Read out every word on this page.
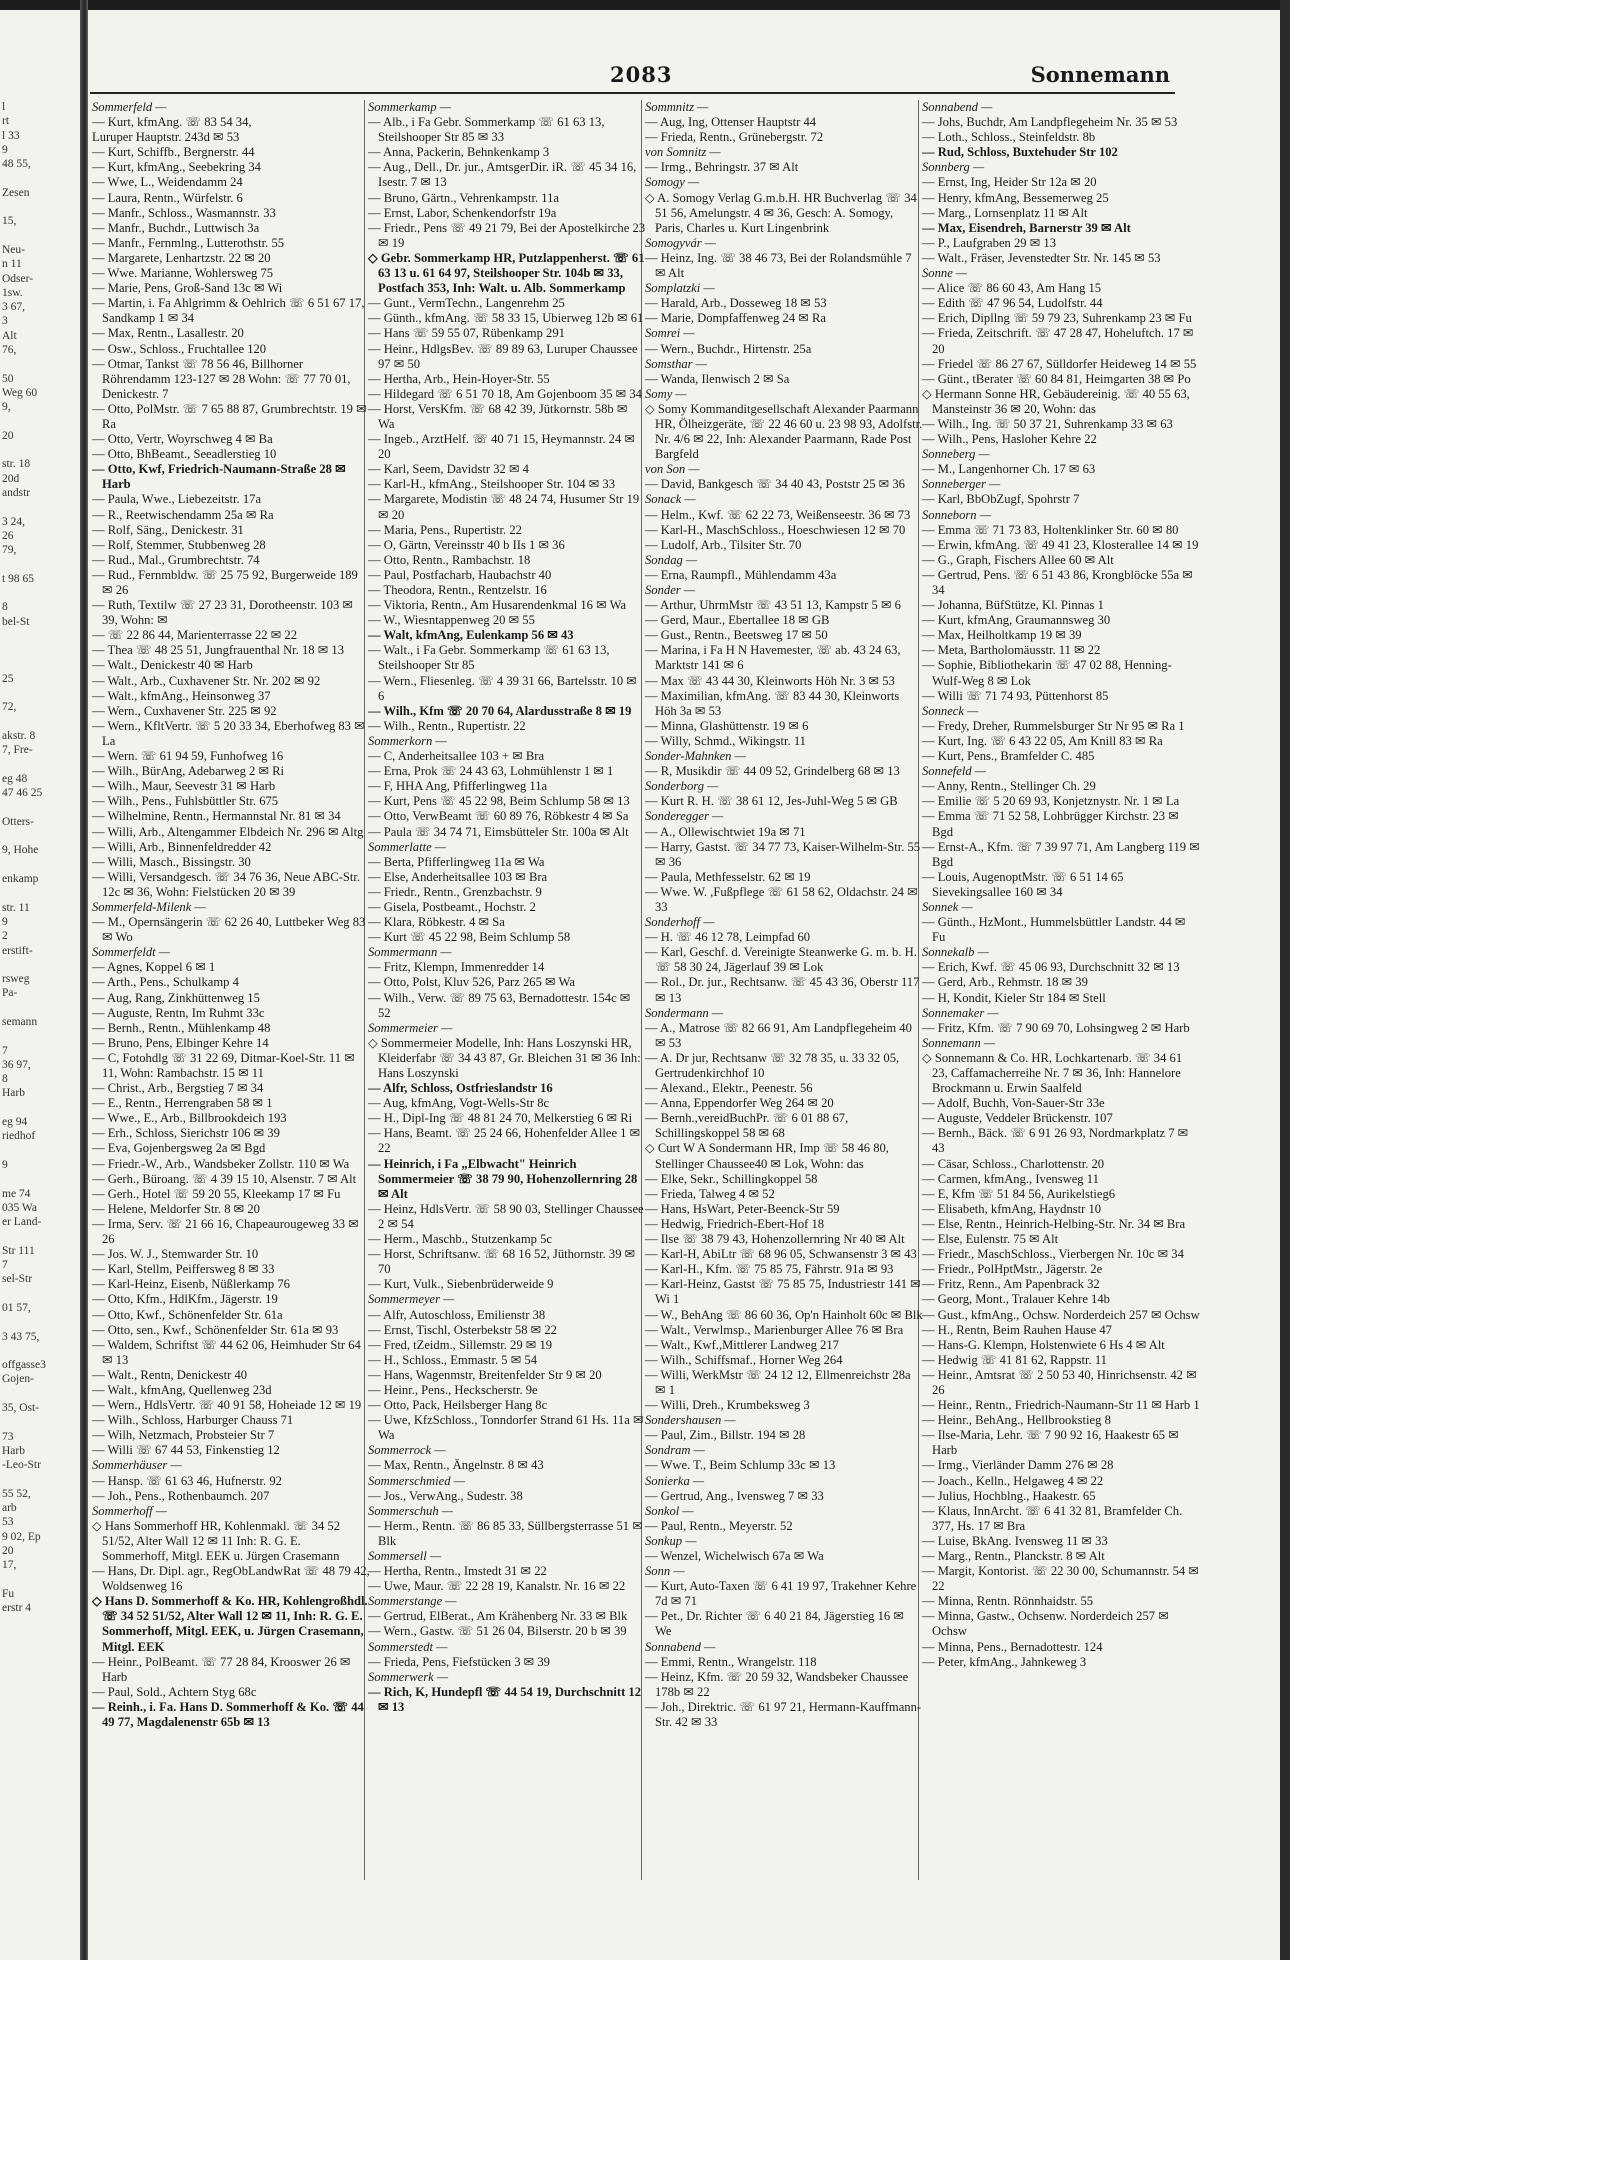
l

rt

l 33

9

48 55,

Zesen

15,

Neu-

n 11

Odser-

1sw.

3 67,

3

Alt

76,

50

Weg 60

9,

20

str. 18

20d

andstr

3 24,

26

79,

t 98 65

8

bel-St

25

72,

akstr. 8

7, Fre-

eg 48

47 46 25

Otters-

9, Hohe

enkamp

str. 11

9

2

erstift-

rsweg

Pa-

semann

7

36 97,

8

Harb

eg 94

riedhof

9

me 74

035 Wa

er Land-

Str 111

7

sel-Str

01 57,

3 43 75,

offgasse3

Gojen-

35, Ost-

73

Harb

-Leo-Str

55 52,

arb

53

9 02, Ep

20

17,

Fu

erstr 4

2083	Sonnemann

Sommerfeld —

— Kurt, kfmAng. ☏ 83 54 34,

Luruper Hauptstr. 243d ✉ 53

— Kurt, Schiffb., Bergnerstr. 44

— Kurt, kfmAng., Seebekring 34

— Wwe, L., Weidendamm 24

— Laura, Rentn., Würfelstr. 6

— Manfr., Schloss., Wasmannstr. 33

— Manfr., Buchdr., Luttwisch 3a

— Manfr., Fernmlng., Lutterothstr. 55

— Margarete, Lenhartzstr. 22 ✉ 20

— Wwe. Marianne, Wohlersweg 75

— Marie, Pens, Groß-Sand 13c ✉ Wi

— Martin, i. Fa Ahlgrimm & Oehlrich ☏ 6 51 67 17, Sandkamp 1 ✉ 34

— Max, Rentn., Lasallestr. 20

— Osw., Schloss., Fruchtallee 120

— Otmar, Tankst ☏ 78 56 46, Billhorner Röhrendamm 123-127 ✉ 28 Wohn: ☏ 77 70 01, Denickestr. 7

— Otto, PolMstr. ☏ 7 65 88 87, Grumbrechtstr. 19 ✉ Ra

— Otto, Vertr, Woyrschweg 4 ✉ Ba

— Otto, BhBeamt., Seeadlerstieg 10

— Otto, Kwf, Friedrich-Naumann-Straße 28 ✉ Harb

— Paula, Wwe., Liebezeitstr. 17a

— R., Reetwischendamm 25a ✉ Ra

— Rolf, Säng., Denickestr. 31

— Rolf, Stemmer, Stubbenweg 28

— Rud., Mal., Grumbrechtstr. 74

— Rud., Fernmbldw. ☏ 25 75 92, Burgerweide 189 ✉ 26

— Ruth, Textilw ☏ 27 23 31, Dorotheenstr. 103 ✉ 39, Wohn: ✉

— ☏ 22 86 44, Marienterrasse 22 ✉ 22

— Thea ☏ 48 25 51, Jungfrauenthal Nr. 18 ✉ 13

— Walt., Denickestr 40 ✉ Harb

— Walt., Arb., Cuxhavener Str. Nr. 202 ✉ 92

— Walt., kfmAng., Heinsonweg 37

— Wern., Cuxhavener Str. 225 ✉ 92

— Wern., KfltVertr. ☏ 5 20 33 34, Eberhofweg 83 ✉ La

— Wern. ☏ 61 94 59, Funhofweg 16

— Wilh., BürAng, Adebarweg 2 ✉ Ri

— Wilh., Maur, Seevestr 31 ✉ Harb

— Wilh., Pens., Fuhlsbüttler Str. 675

— Wilhelmine, Rentn., Hermannstal Nr. 81 ✉ 34

— Willi, Arb., Altengammer Elbdeich Nr. 296 ✉ Altg

— Willi, Arb., Binnenfeldredder 42

— Willi, Masch., Bissingstr. 30

— Willi, Versandgesch. ☏ 34 76 36, Neue ABC-Str. 12c ✉ 36, Wohn: Fielstücken 20 ✉ 39

Sommerfeld-Milenk —

— M., Opernsängerin ☏ 62 26 40, Luttbeker Weg 83 ✉ Wo

Sommerfeldt —

— Agnes, Koppel 6 ✉ 1

— Arth., Pens., Schulkamp 4

— Aug, Rang, Zinkhüttenweg 15

— Auguste, Rentn, Im Ruhmt 33c

— Bernh., Rentn., Mühlenkamp 48

— Bruno, Pens, Elbinger Kehre 14

— C, Fotohdlg ☏ 31 22 69, Ditmar-Koel-Str. 11 ✉ 11, Wohn: Rambachstr. 15 ✉ 11

— Christ., Arb., Bergstieg 7 ✉ 34

— E., Rentn., Herrengraben 58 ✉ 1

— Wwe., E., Arb., Billbrookdeich 193

— Erh., Schloss, Sierichstr 106 ✉ 39

— Eva, Gojenbergsweg 2a ✉ Bgd

— Friedr.-W., Arb., Wandsbeker Zollstr. 110 ✉ Wa

— Gerh., Büroang. ☏ 4 39 15 10, Alsenstr. 7 ✉ Alt

— Gerh., Hotel ☏ 59 20 55, Kleekamp 17 ✉ Fu

— Helene, Meldorfer Str. 8 ✉ 20

— Irma, Serv. ☏ 21 66 16, Chapeaurougeweg 33 ✉ 26

— Jos. W. J., Stemwarder Str. 10

— Karl, Stellm, Peiffersweg 8 ✉ 33

— Karl-Heinz, Eisenb, Nüßlerkamp 76

— Otto, Kfm., HdlKfm., Jägerstr. 19

— Otto, Kwf., Schönenfelder Str. 61a

— Otto, sen., Kwf., Schönenfelder Str. 61a ✉ 93

— Waldem, Schriftst ☏ 44 62 06, Heimhuder Str 64 ✉ 13

— Walt., Rentn, Denickestr 40

— Walt., kfmAng, Quellenweg 23d

— Wern., HdlsVertr. ☏ 40 91 58, Hoheiade 12 ✉ 19

— Wilh., Schloss, Harburger Chauss 71

— Wilh, Netzmach, Probsteier Str 7

— Willi ☏ 67 44 53, Finkenstieg 12

Sommerhäuser —

— Hansp. ☏ 61 63 46, Hufnerstr. 92

— Joh., Pens., Rothenbaumch. 207

Sommerhoff —

◇ Hans Sommerhoff HR, Kohlenmakl. ☏ 34 52 51/52, Alter Wall 12 ✉ 11 Inh: R. G. E. Sommerhoff, Mitgl. EEK u. Jürgen Crasemann

— Hans, Dr. Dipl. agr., RegObLandwRat ☏ 48 79 42, Woldsenweg 16

◇ Hans D. Sommerhoff & Ko. HR, Kohlengroßhdl. ☏ 34 52 51/52, Alter Wall 12 ✉ 11, Inh: R. G. E. Sommerhoff, Mitgl. EEK, u. Jürgen Crasemann, Mitgl. EEK

— Heinr., PolBeamt. ☏ 77 28 84, Krooswег 26 ✉ Harb

— Paul, Sold., Achtern Styg 68c

— Reinh., i. Fa. Hans D. Sommerhoff & Ko. ☏ 44 49 77, Magdalenenstr 65b ✉ 13

Sommerkamp —

— Alb., i Fa Gebr. Sommerkamp ☏ 61 63 13, Steilshooper Str 85 ✉ 33

— Anna, Packerin, Behnkenkamp 3

— Aug., Dell., Dr. jur., AmtsgerDir. iR. ☏ 45 34 16, Isestr. 7 ✉ 13

— Bruno, Gärtn., Vehrenkampstr. 11a

— Ernst, Labor, Schenkendorfstr 19a

— Friedr., Pens ☏ 49 21 79, Bei der Apostelkirche 23 ✉ 19

◇ Gebr. Sommerkamp HR, Putzlappenherst. ☏ 61 63 13 u. 61 64 97, Steilshooper Str. 104b ✉ 33, Postfach 353, Inh: Walt. u. Alb. Sommerkamp

— Gunt., VermTechn., Langenrehm 25

— Günth., kfmAng. ☏ 58 33 15, Ubierweg 12b ✉ 61

— Hans ☏ 59 55 07, Rübenkamp 291

— Heinr., HdlgsBev. ☏ 89 89 63, Luruper Chaussee 97 ✉ 50

— Hertha, Arb., Hein-Hoyer-Str. 55

— Hildegard ☏ 6 51 70 18, Am Gojenboom 35 ✉ 34

— Horst, VersKfm. ☏ 68 42 39, Jütkornstr. 58b ✉ Wa

— Ingeb., ArztHelf. ☏ 40 71 15, Heymannstr. 24 ✉ 20

— Karl, Seem, Davidstr 32 ✉ 4

— Karl-H., kfmAng., Steilshooper Str. 104 ✉ 33

— Margarete, Modistin ☏ 48 24 74, Husumer Str 19 ✉ 20

— Maria, Pens., Rupertistr. 22

— O, Gärtn, Vereinsstr 40 b IIs 1 ✉ 36

— Otto, Rentn., Rambachstr. 18

— Paul, Postfacharb, Haubachstr 40

— Theodora, Rentn., Rentzelstr. 16

— Viktoria, Rentn., Am Husarendenkmal 16 ✉ Wa

— W., Wiesntappenweg 20 ✉ 55

— Walt, kfmAng, Eulenkamp 56 ✉ 43

— Walt., i Fa Gebr. Sommerkamp ☏ 61 63 13, Steilshooper Str 85

— Wern., Fliesenleg. ☏ 4 39 31 66, Bartelsstr. 10 ✉ 6

— Wilh., Kfm ☏ 20 70 64, Alardusstraße 8 ✉ 19

— Wilh., Rentn., Rupertistr. 22

Sommerkorn —

— C, Anderheitsallee 103 + ✉ Bra

— Erna, Prok ☏ 24 43 63, Lohmühlenstr 1 ✉ 1

— F, HHA Ang, Pfifferlingweg 11a

— Kurt, Pens ☏ 45 22 98, Beim Schlump 58 ✉ 13

— Otto, VerwBeamt ☏ 60 89 76, Röbkestr 4 ✉ Sa

— Paula ☏ 34 74 71, Eimsbütteler Str. 100a ✉ Alt

Sommerlatte —

— Berta, Pfifferlingweg 11a ✉ Wa

— Else, Anderheitsallee 103 ✉ Bra

— Friedr., Rentn., Grenzbachstr. 9

— Gisela, Postbeamt., Hochstr. 2

— Klara, Röbkestr. 4 ✉ Sa

— Kurt ☏ 45 22 98, Beim Schlump 58

Sommermann —

— Fritz, Klempn, Immenredder 14

— Otto, Polst, Kluv 526, Parz 265 ✉ Wa

— Wilh., Verw. ☏ 89 75 63, Bernadottestr. 154c ✉ 52

Sommermeier —

◇ Sommermeier Modelle, Inh: Hans Loszynski HR, Kleiderfabr ☏ 34 43 87, Gr. Bleichen 31 ✉ 36 Inh: Hans Loszynski

— Alfr, Schloss, Ostfrieslandstr 16

— Aug, kfmAng, Vogt-Wells-Str 8c

— H., Dipl-Ing ☏ 48 81 24 70, Melkerstieg 6 ✉ Ri

— Hans, Beamt. ☏ 25 24 66, Hohenfelder Allee 1 ✉ 22

— Heinrich, i Fa „Elbwacht" Heinrich Sommermeier ☏ 38 79 90, Hohenzollernring 28 ✉ Alt

— Heinz, HdlsVertr. ☏ 58 90 03, Stellinger Chaussee 2 ✉ 54

— Herm., Maschb., Stutzenkamp 5c

— Horst, Schriftsanw. ☏ 68 16 52, Jüthornstr. 39 ✉ 70

— Kurt, Vulk., Siebenbrüderweide 9

Sommermeyer —

— Alfr, Autoschloss, Emilienstr 38

— Ernst, Tischl, Osterbekstr 58 ✉ 22

— Fred, tZeidm., Sillemstr. 29 ✉ 19

— H., Schloss., Emmastr. 5 ✉ 54

— Hans, Wagenmstr, Breitenfelder Str 9 ✉ 20

— Heinr., Pens., Heckscherstr. 9e

— Otto, Pack, Heilsberger Hang 8c

— Uwe, KfzSchloss., Tonndorfer Strand 61 Hs. 11a ✉ Wa

Sommerrock —

— Max, Rentn., Ängelnstr. 8 ✉ 43

Sommerschmied —

— Jos., VerwAng., Sudestr. 38

Sommerschuh —

— Herm., Rentn. ☏ 86 85 33, Süllbergsterrasse 51 ✉ Blk

Sommersell —

— Hertha, Rentn., Imstedt 31 ✉ 22

— Uwe, Maur. ☏ 22 28 19, Kanalstr. Nr. 16 ✉ 22

Sommerstange —

— Gertrud, ElBerat., Am Krähenberg Nr. 33 ✉ Blk

— Wern., Gastw. ☏ 51 26 04, Bilserstr. 20 b ✉ 39

Sommerstedt —

— Frieda, Pens, Fiefstücken 3 ✉ 39

Sommerwerk —

— Rich, K, Hundepfl ☏ 44 54 19, Durchschnitt 12 ✉ 13

Sommnitz —

— Aug, Ing, Ottenser Hauptstr 44

— Frieda, Rentn., Grünebergstr. 72

von Somnitz —

— Irmg., Behringstr. 37 ✉ Alt

Somogy —

◇ A. Somogy Verlag G.m.b.H. HR Buchverlag ☏ 34 51 56, Amelungstr. 4 ✉ 36, Gesch: A. Somogy, Paris, Charles u. Kurt Lingenbrink

Somogyvár —

— Heinz, Ing. ☏ 38 46 73, Bei der Rolandsmühle 7 ✉ Alt

Somplatzki —

— Harald, Arb., Dosseweg 18 ✉ 53

— Marie, Dompfaffenweg 24 ✉ Ra

Somrei —

— Wern., Buchdr., Hirtenstr. 25a

Somsthar —

— Wanda, Ilenwisch 2 ✉ Sa

Somy —

◇ Somy Kommanditgesellschaft Alexander Paarmann HR, Ölheizgeräte, ☏ 22 46 60 u. 23 98 93, Adolfstr. Nr. 4/6 ✉ 22, Inh: Alexander Paarmann, Rade Post Bargfeld

von Son —

— David, Bankgesch ☏ 34 40 43, Poststr 25 ✉ 36

Sonack —

— Helm., Kwf. ☏ 62 22 73, Weißenseestr. 36 ✉ 73

— Karl-H., MaschSchloss., Hoeschwiesen 12 ✉ 70

— Ludolf, Arb., Tilsiter Str. 70

Sondag —

— Erna, Raumpfl., Mühlendamm 43a

Sonder —

— Arthur, UhrmMstr ☏ 43 51 13, Kampstr 5 ✉ 6

— Gerd, Maur., Ebertallee 18 ✉ GB

— Gust., Rentn., Beetsweg 17 ✉ 50

— Marina, i Fa H N Havemester, ☏ ab. 43 24 63, Marktstr 141 ✉ 6

— Max ☏ 43 44 30, Kleinworts Höh Nr. 3 ✉ 53

— Maximilian, kfmAng. ☏ 83 44 30, Kleinworts Höh 3a ✉ 53

— Minna, Glashüttenstr. 19 ✉ 6

— Willy, Schmd., Wikingstr. 11

Sonder-Mahnken —

— R, Musikdir ☏ 44 09 52, Grindelberg 68 ✉ 13

Sonderborg —

— Kurt R. H. ☏ 38 61 12, Jes-Juhl-Weg 5 ✉ GB

Sonderegger —

— A., Ollewischtwiet 19a ✉ 71

— Harry, Gastst. ☏ 34 77 73, Kaiser-Wilhelm-Str. 55 ✉ 36

— Paula, Methfesselstr. 62 ✉ 19

— Wwe. W. ,Fußpflege ☏ 61 58 62, Oldachstr. 24 ✉ 33

Sonderhoff —

— H. ☏ 46 12 78, Leimpfad 60

— Karl, Geschf. d. Vereinigte Steanwerke G. m. b. H. ☏ 58 30 24, Jägerlauf 39 ✉ Lok

— Rol., Dr. jur., Rechtsanw. ☏ 45 43 36, Oberstr 117 ✉ 13

Sondermann —

— A., Matrose ☏ 82 66 91, Am Landpflegeheim 40 ✉ 53

— A. Dr jur, Rechtsanw ☏ 32 78 35, u. 33 32 05, Gertrudenkirchhof 10

— Alexand., Elektr., Peenestr. 56

— Anna, Eppendorfer Weg 264 ✉ 20

— Bernh.,vereidBuchPr. ☏ 6 01 88 67, Schillingskoppel 58 ✉ 68

◇ Curt W A Sondermann HR, Imp ☏ 58 46 80, Stellinger Chaussee40 ✉ Lok, Wohn: das

— Elke, Sekr., Schillingkoppel 58

— Frieda, Talweg 4 ✉ 52

— Hans, HsWart, Peter-Beenck-Str 59

— Hedwig, Friedrich-Ebert-Hof 18

— Ilse ☏ 38 79 43, Hohenzollernring Nr 40 ✉ Alt

— Karl-H, AbiLtr ☏ 68 96 05, Schwansenstr 3 ✉ 43

— Karl-H., Kfm. ☏ 75 85 75, Fährstr. 91a ✉ 93

— Karl-Heinz, Gastst ☏ 75 85 75, Industriestr 141 ✉ Wi 1

— W., BehAng ☏ 86 60 36, Op'n Hainholt 60c ✉ Blk

— Walt., Verwlmsp., Marienburger Allee 76 ✉ Bra

— Walt., Kwf.,Mittlerer Landweg 217

— Wilh., Schiffsmaf., Horner Weg 264

— Willi, WerkMstr ☏ 24 12 12, Ellmenreichstr 28a ✉ 1

— Willi, Dreh., Krumbeksweg 3

Sondershausen —

— Paul, Zim., Billstr. 194 ✉ 28

Sondram —

— Wwe. T., Beim Schlump 33c ✉ 13

Sonierka —

— Gertrud, Ang., Ivensweg 7 ✉ 33

Sonkol —

— Paul, Rentn., Meyerstr. 52

Sonkup —

— Wenzel, Wichelwisch 67a ✉ Wa

Sonn —

— Kurt, Auto-Taxen ☏ 6 41 19 97, Trakehner Kehre 7d ✉ 71

— Pet., Dr. Richter ☏ 6 40 21 84, Jägerstieg 16 ✉ We

Sonnabend —

— Emmi, Rentn., Wrangelstr. 118

— Heinz, Kfm. ☏ 20 59 32, Wandsbeker Chaussee 178b ✉ 22

— Joh., Direktric. ☏ 61 97 21, Hermann-Kauffmann-Str. 42 ✉ 33

Sonnabend —

— Johs, Buchdr, Am Landpflegeheim Nr. 35 ✉ 53

— Loth., Schloss., Steinfeldstr. 8b

— Rud, Schloss, Buxtehuder Str 102

Sonnberg —

— Ernst, Ing, Heider Str 12a ✉ 20

— Henry, kfmAng, Bessemerweg 25

— Marg., Lornsenplatz 11 ✉ Alt

— Max, Eisendreh, Barnerstr 39 ✉ Alt

— P., Laufgraben 29 ✉ 13

— Walt., Fräser, Jevenstedter Str. Nr. 145 ✉ 53

Sonne —

— Alice ☏ 86 60 43, Am Hang 15

— Edith ☏ 47 96 54, Ludolfstr. 44

— Erich, Dipllng ☏ 59 79 23, Suhrenkamp 23 ✉ Fu

— Frieda, Zeitschrift. ☏ 47 28 47, Hoheluftch. 17 ✉ 20

— Friedel ☏ 86 27 67, Sülldorfer Heideweg 14 ✉ 55

— Günt., tBerater ☏ 60 84 81, Heimgarten 38 ✉ Po

◇ Hermann Sonne HR, Gebäudereinig. ☏ 40 55 63, Mansteinstr 36 ✉ 20, Wohn: das

— Wilh., Ing. ☏ 50 37 21, Suhrenkamp 33 ✉ 63

— Wilh., Pens, Hasloher Kehre 22

Sonneberg —

— M., Langenhorner Ch. 17 ✉ 63

Sonneberger —

— Karl, BbObZugf, Spohrstr 7

Sonneborn —

— Emma ☏ 71 73 83, Holtenklinker Str. 60 ✉ 80

— Erwin, kfmAng. ☏ 49 41 23, Klosterallee 14 ✉ 19

— G., Graph, Fischers Allee 60 ✉ Alt

— Gertrud, Pens. ☏ 6 51 43 86, Krongblöcke 55a ✉ 34

— Johanna, BüfStütze, Kl. Pinnas 1

— Kurt, kfmAng, Graumannsweg 30

— Max, Heilholtkamp 19 ✉ 39

— Meta, Bartholomäusstr. 11 ✉ 22

— Sophie, Bibliothekarin ☏ 47 02 88, Henning-Wulf-Weg 8 ✉ Lok

— Willi ☏ 71 74 93, Püttenhorst 85

Sonneck —

— Fredy, Dreher, Rummelsburger Str Nr 95 ✉ Ra 1

— Kurt, Ing. ☏ 6 43 22 05, Am Knill 83 ✉ Ra

— Kurt, Pens., Bramfelder C. 485

Sonnefeld —

— Anny, Rentn., Stellinger Ch. 29

— Emilie ☏ 5 20 69 93, Konjetznystr. Nr. 1 ✉ La

— Emma ☏ 71 52 58, Lohbrügger Kirchstr. 23 ✉ Bgd

— Ernst-A., Kfm. ☏ 7 39 97 71, Am Langberg 119 ✉ Bgd

— Louis, AugenoptMstr. ☏ 6 51 14 65 Sievekingsallee 160 ✉ 34

Sonnek —

— Günth., HzMont., Hummelsbüttler Landstr. 44 ✉ Fu

Sonnekalb —

— Erich, Kwf. ☏ 45 06 93, Durchschnitt 32 ✉ 13

— Gerd, Arb., Rehmstr. 18 ✉ 39

— H, Kondit, Kieler Str 184 ✉ Stell

Sonnemaker —

— Fritz, Kfm. ☏ 7 90 69 70, Lohsingweg 2 ✉ Harb

Sonnemann —

◇ Sonnemann & Co. HR, Lochkartenarb. ☏ 34 61 23, Caffamacherreihe Nr. 7 ✉ 36, Inh: Hannelore Brockmann u. Erwin Saalfeld

— Adolf, Buchh, Von-Sauer-Str 33e

— Auguste, Veddeler Brückenstr. 107

— Bernh., Bäck. ☏ 6 91 26 93, Nordmarkplatz 7 ✉ 43

— Cäsar, Schloss., Charlottenstr. 20

— Carmen, kfmAng., Ivensweg 11

— E, Kfm ☏ 51 84 56, Aurikelstieg6

— Elisabeth, kfmAng, Haydnstr 10

— Else, Rentn., Heinrich-Helbing-Str. Nr. 34 ✉ Bra

— Else, Eulenstr. 75 ✉ Alt

— Friedr., MaschSchloss., Vierbergen Nr. 10c ✉ 34

— Friedr., PolHptMstr., Jägerstr. 2e

— Fritz, Renn., Am Papenbrack 32

— Georg, Mont., Tralauer Kehre 14b

— Gust., kfmAng., Ochsw. Norderdeich 257 ✉ Ochsw

— H., Rentn, Beim Rauhen Hause 47

— Hans-G. Klempn, Holstenwiete 6 Hs 4 ✉ Alt

— Hedwig ☏ 41 81 62, Rappstr. 11

— Heinr., Amtsrat ☏ 2 50 53 40, Hinrichsenstr. 42 ✉ 26

— Heinr., Rentn., Friedrich-Naumann-Str 11 ✉ Harb 1

— Heinr., BehAng., Hellbrookstieg 8

— Ilse-Maria, Lehr. ☏ 7 90 92 16, Haakestr 65 ✉ Harb

— Irmg., Vierländer Damm 276 ✉ 28

— Joach., Kelln., Helgaweg 4 ✉ 22

— Julius, Hochblng., Haakestr. 65

— Klaus, InnArcht. ☏ 6 41 32 81, Bramfelder Ch. 377, Hs. 17 ✉ Bra

— Luise, BkAng. Ivensweg 11 ✉ 33

— Marg., Rentn., Planckstr. 8 ✉ Alt

— Margit, Kontorist. ☏ 22 30 00, Schumannstr. 54 ✉ 22

— Minna, Rentn. Rönnhaidstr. 55

— Minna, Gastw., Ochsenw. Norderdeich 257 ✉ Ochsw

— Minna, Pens., Bernadottestr. 124

— Peter, kfmAng., Jahnkeweg 3
